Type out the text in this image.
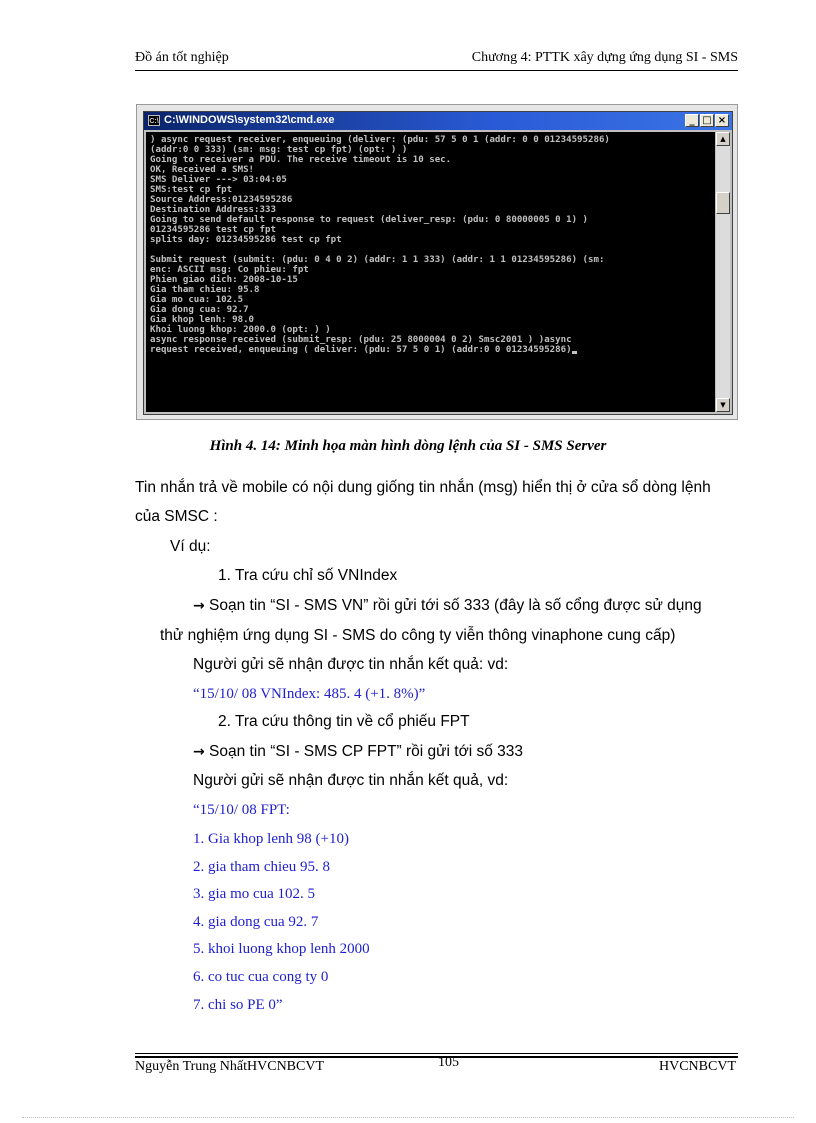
Đồ án tốt nghiệp	Chương 4: PTTK xây dựng ứng dụng SI - SMS
C:\ C:\WINDOWS\system32\cmd.exe	_ □ ×
) async request receiver, enqueuing (deliver: (pdu: 57 5 0 1 (addr: 0 0 01234595286)
(addr:0 0 333) (sm: msg: test cp fpt) (opt: ) )
Going to receiver a PDU. The receive timeout is 10 sec.
OK, Received a SMS!
SMS Deliver ---> 03:04:05
SMS:test cp fpt
Source Address:01234595286
Destination Address:333
Going to send default response to request (deliver_resp: (pdu: 0 80000005 0 1) )
01234595286 test cp fpt
splits day: 01234595286 test cp fpt
Submit request (submit: (pdu: 0 4 0 2) (addr: 1 1 333) (addr: 1 1 01234595286) (sm:
enc: ASCII msg: Co phieu: fpt
Phien giao dich: 2008-10-15
Gia tham chieu: 95.8
Gia mo cua: 102.5
Gia dong cua: 92.7
Gia khop lenh: 98.0
Khoi luong khop: 2000.0 (opt: ) )
async response received (submit_resp: (pdu: 25 8000004 0 2) Smsc2001 ) )async
request received, enqueuing ( deliver: (pdu: 57 5 0 1) (addr:0 0 01234595286)
▲
▼
Hình 4. 14: Minh họa màn hình dòng lệnh của SI - SMS Server
Tin nhắn trả về mobile có nội dung giống tin nhắn (msg) hiển thị ở cửa sổ dòng lệnh
của SMSC :
Ví dụ:
1. Tra cứu chỉ số VNIndex
→ Soạn tin “SI - SMS VN” rồi gửi tới số 333 (đây là số cổng được sử dụng
thử nghiệm ứng dụng SI - SMS do công ty viễn thông vinaphone cung cấp)
Người gửi sẽ nhận được tin nhắn kết quả: vd:
“15/10/ 08 VNIndex: 485. 4 (+1. 8%)”
2. Tra cứu thông tin về cổ phiếu FPT
→ Soạn tin “SI - SMS CP FPT” rồi gửi tới số 333
Người gửi sẽ nhận được tin nhắn kết quả, vd:
“15/10/ 08 FPT:
1. Gia khop lenh 98 (+10)
2. gia tham chieu 95. 8
3. gia mo cua 102. 5
4. gia dong cua 92. 7
5. khoi luong khop lenh 2000
6. co tuc cua cong ty 0
7. chi so PE 0”
Nguyễn Trung NhấtHVCNBCVT	105	HVCNBCVT
